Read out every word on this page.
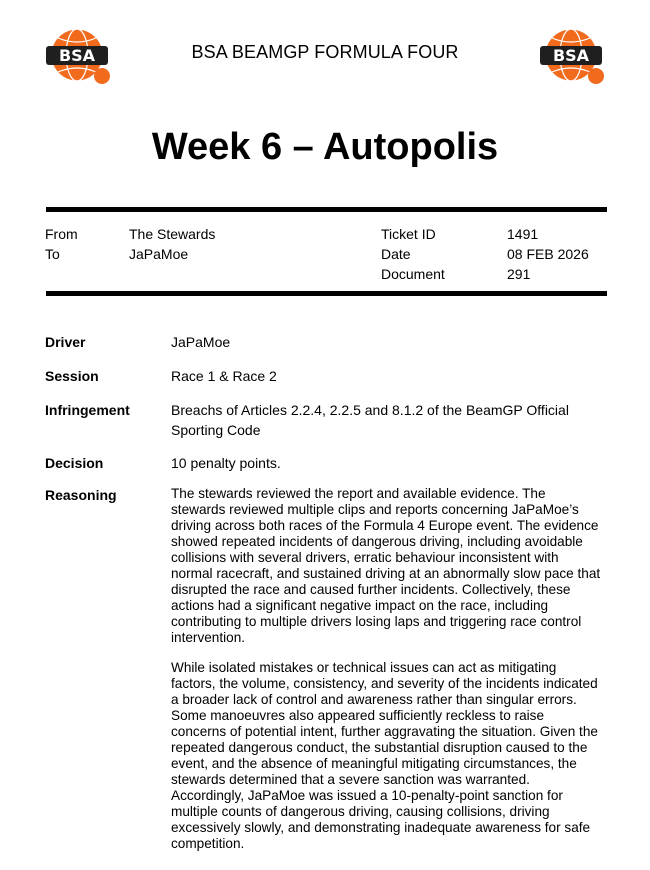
BSA	BSA BEAMGP FORMULA FOUR	BSA
Week 6 – Autopolis
From	The Stewards
To	JaPaMoe
Ticket ID	1491
Date	08 FEB 2026
Document	291
Driver	JaPaMoe
Session	Race 1 & Race 2
Infringement	Breachs of Articles 2.2.4, 2.2.5 and 8.1.2 of the BeamGP Official Sporting Code
Decision	10 penalty points.
Reasoning	The stewards reviewed the report and available evidence. The stewards reviewed multiple clips and reports concerning JaPaMoe’s driving across both races of the Formula 4 Europe event. The evidence showed repeated incidents of dangerous driving, including avoidable collisions with several drivers, erratic behaviour inconsistent with normal racecraft, and sustained driving at an abnormally slow pace that disrupted the race and caused further incidents. Collectively, these actions had a significant negative impact on the race, including contributing to multiple drivers losing laps and triggering race control intervention.

While isolated mistakes or technical issues can act as mitigating factors, the volume, consistency, and severity of the incidents indicated a broader lack of control and awareness rather than singular errors. Some manoeuvres also appeared sufficiently reckless to raise concerns of potential intent, further aggravating the situation. Given the repeated dangerous conduct, the substantial disruption caused to the event, and the absence of meaningful mitigating circumstances, the stewards determined that a severe sanction was warranted. Accordingly, JaPaMoe was issued a 10-penalty-point sanction for multiple counts of dangerous driving, causing collisions, driving excessively slowly, and demonstrating inadequate awareness for safe competition.
